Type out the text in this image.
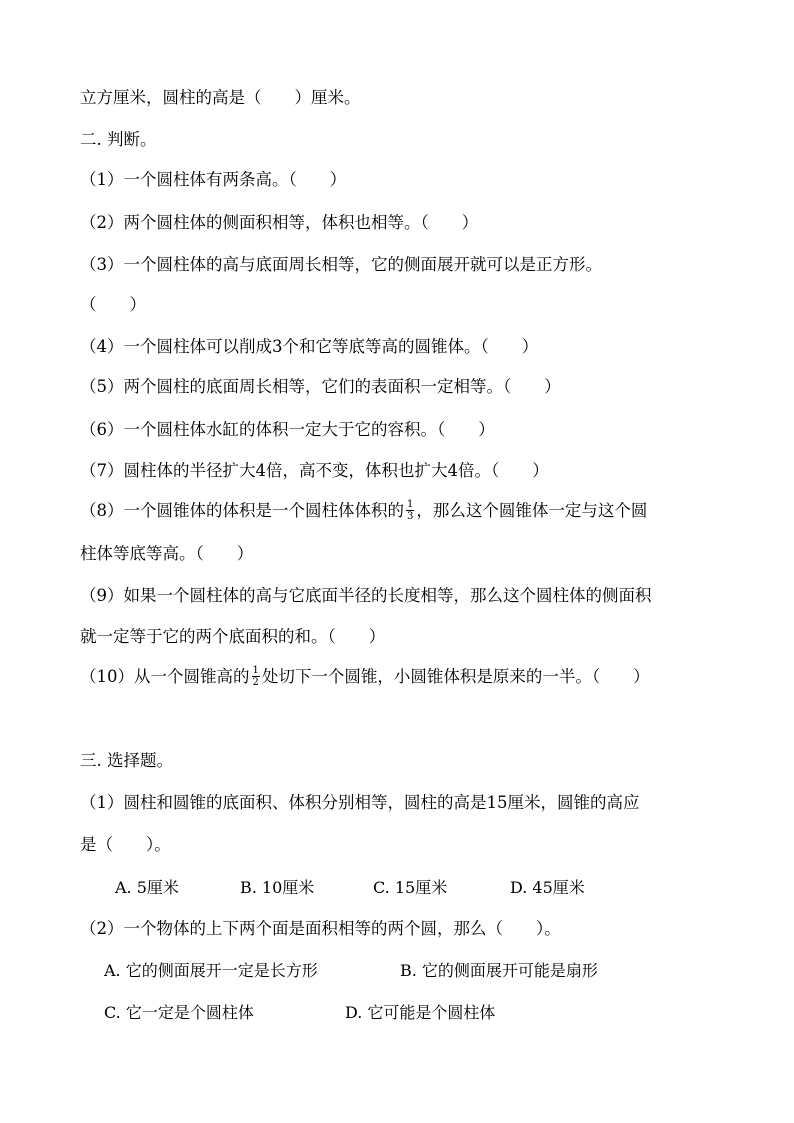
立方厘米，圆柱的高是（　　）厘米。
二. 判断。
（1）一个圆柱体有两条高。（　　）
（2）两个圆柱体的侧面积相等，体积也相等。（　　）
（3）一个圆柱体的高与底面周长相等，它的侧面展开就可以是正方形。
（　　）
（4）一个圆柱体可以削成3个和它等底等高的圆锥体。（　　）
（5）两个圆柱的底面周长相等，它们的表面积一定相等。（　　）
（6）一个圆柱体水缸的体积一定大于它的容积。（　　）
（7）圆柱体的半径扩大4倍，高不变，体积也扩大4倍。（　　）
（8）一个圆锥体的体积是一个圆柱体体积的 $\frac{1}{3}$ ，那么这个圆锥体一定与这个圆
柱体等底等高。（　　）
（9）如果一个圆柱体的高与它底面半径的长度相等，那么这个圆柱体的侧面积
就一定等于它的两个底面积的和。（　　）
（10）从一个圆锥高的 $\frac{1}{2}$ 处切下一个圆锥，小圆锥体积是原来的一半。（　　）
三. 选择题。
（1）圆柱和圆锥的底面积、体积分别相等，圆柱的高是15厘米，圆锥的高应
是（　　）。
A. 5厘米	B. 10厘米	C. 15厘米	D. 45厘米
（2）一个物体的上下两个面是面积相等的两个圆，那么（　　）。
A. 它的侧面展开一定是长方形	B. 它的侧面展开可能是扇形
C. 它一定是个圆柱体	D. 它可能是个圆柱体
